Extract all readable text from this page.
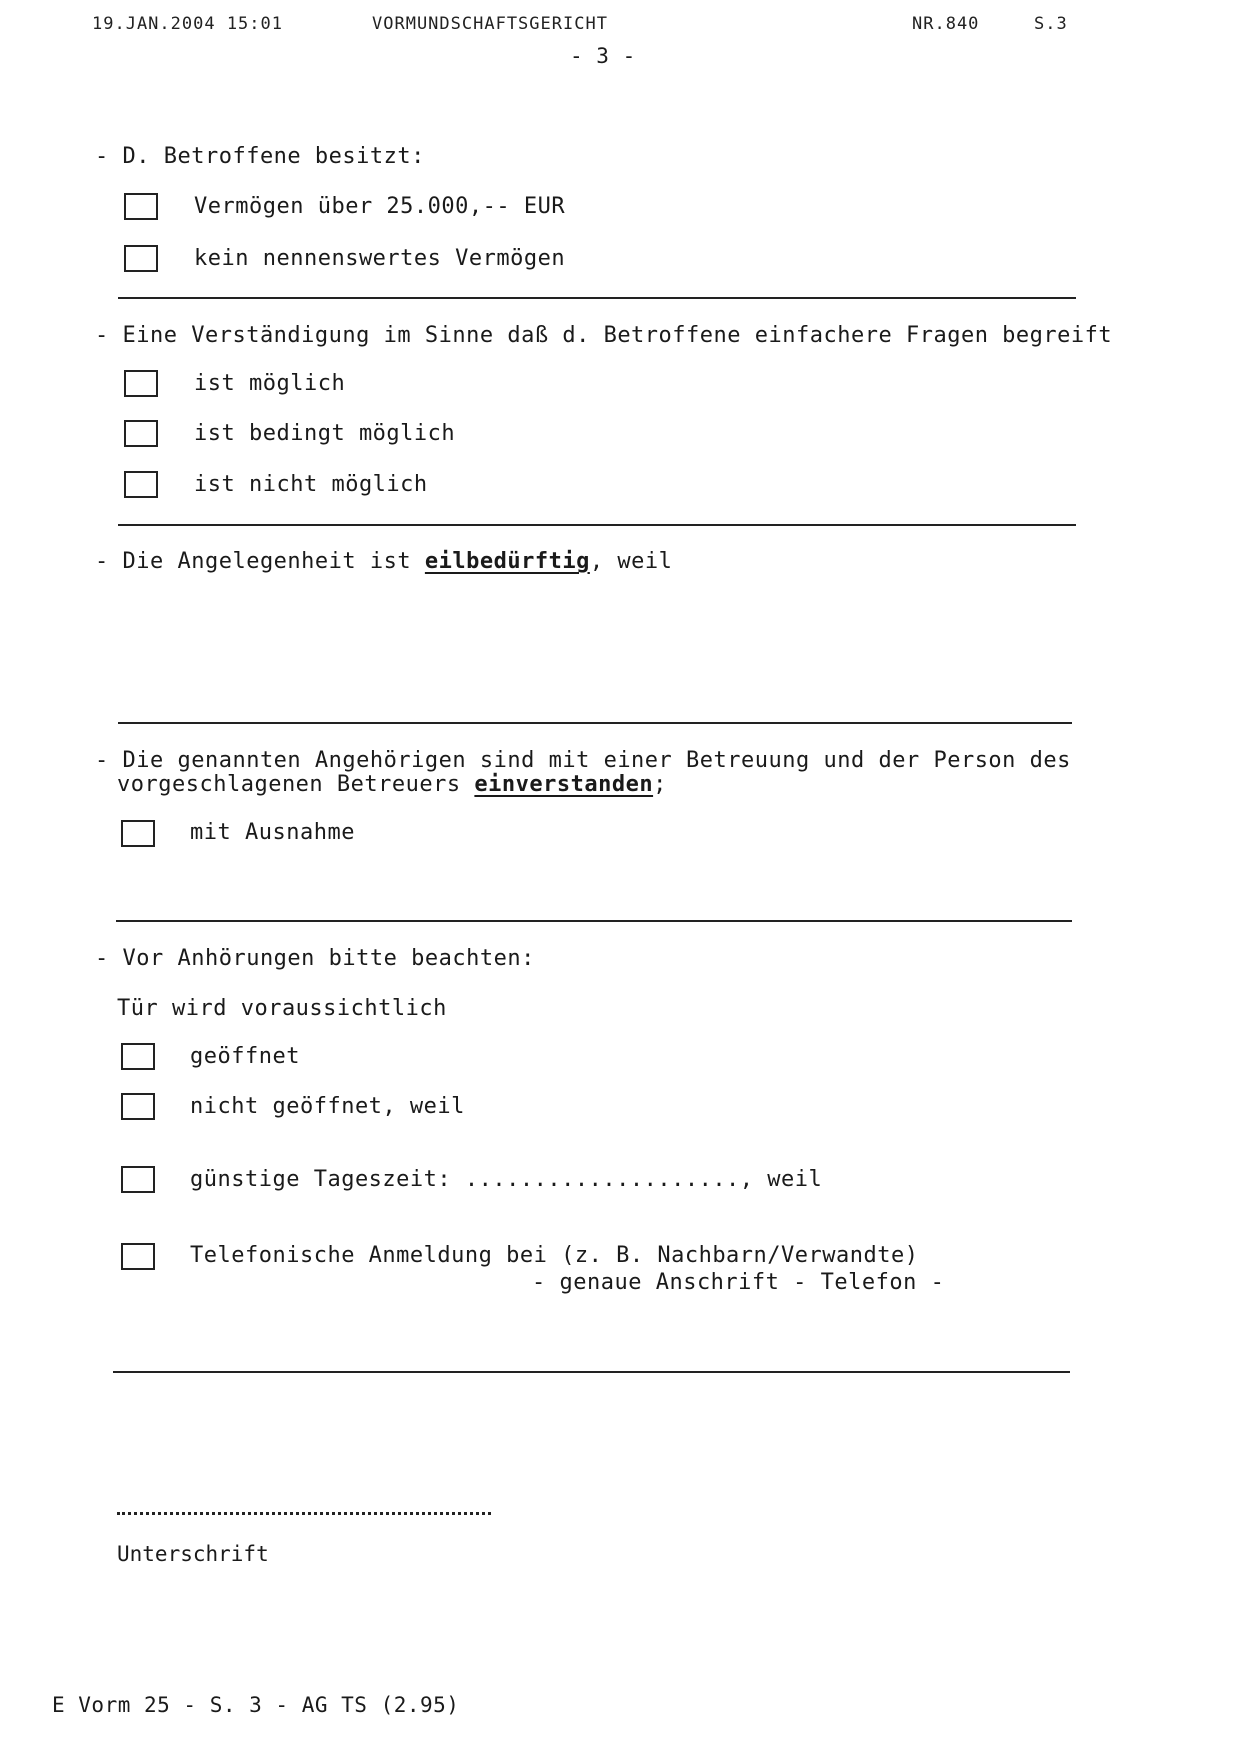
19.JAN.2004 15:01	VORMUNDSCHAFTSGERICHT	NR.840	S.3
- 3 -
- D. Betroffene besitzt:
Vermögen über 25.000,-- EUR
kein nennenswertes Vermögen
- Eine Verständigung im Sinne daß d. Betroffene einfachere Fragen begreift
ist möglich
ist bedingt möglich
ist nicht möglich
- Die Angelegenheit ist eilbedürftig, weil
- Die genannten Angehörigen sind mit einer Betreuung und der Person des
vorgeschlagenen Betreuers einverstanden;
mit Ausnahme
- Vor Anhörungen bitte beachten:
Tür wird voraussichtlich
geöffnet
nicht geöffnet, weil
günstige Tageszeit: ...................., weil
Telefonische Anmeldung bei (z. B. Nachbarn/Verwandte)
- genaue Anschrift - Telefon -
Unterschrift
E Vorm 25 - S. 3 - AG TS (2.95)
